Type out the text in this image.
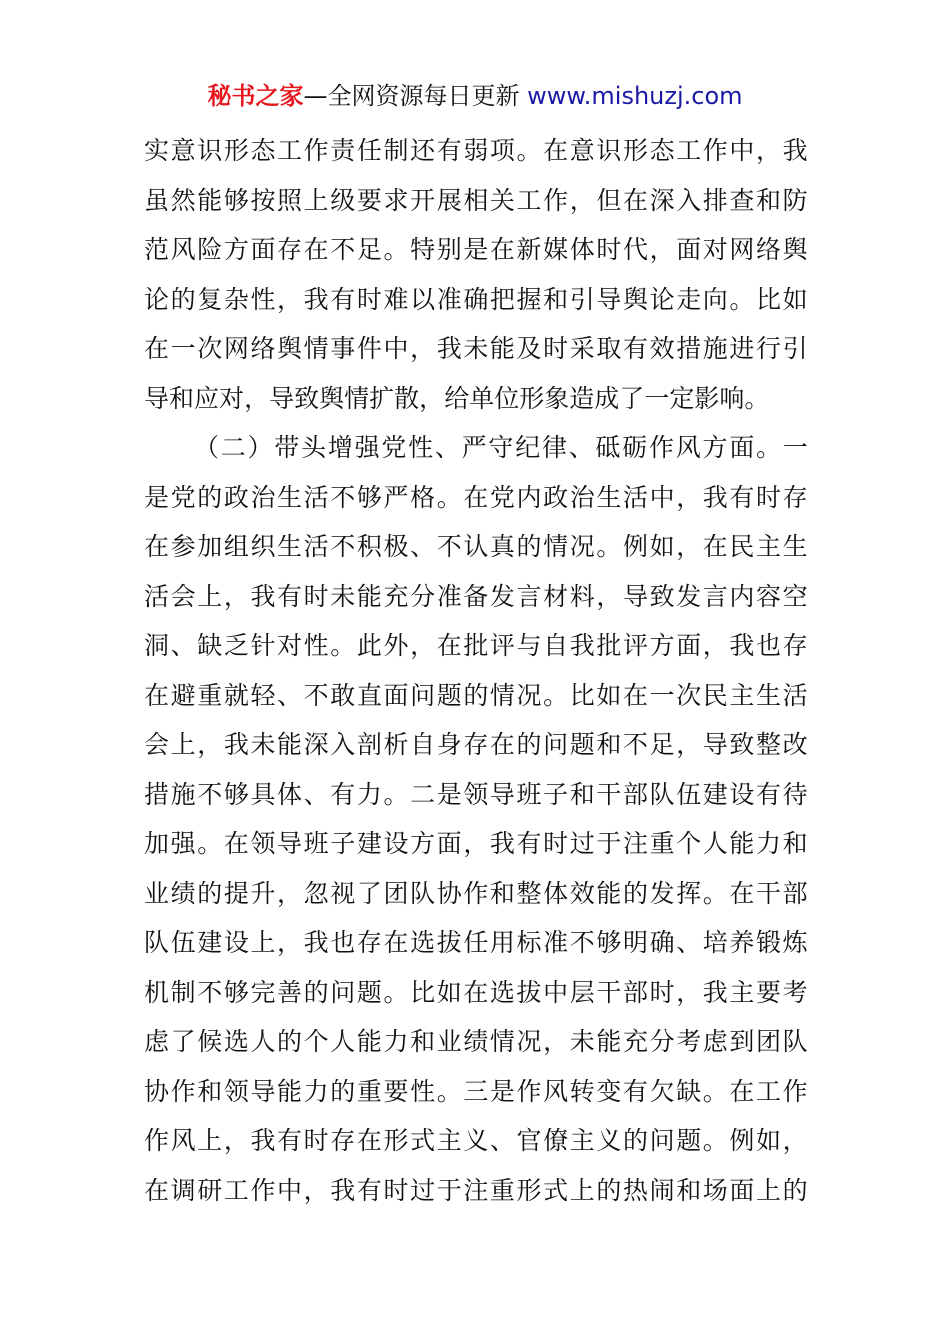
秘书之家—全网资源每日更新 www.mishuzj.com
实 意 识 形 态 工 作 责 任 制 还 有 弱 项 。 在 意 识 形 态 工 作 中 ， 我
虽 然 能 够 按 照 上 级 要 求 开 展 相 关 工 作 ， 但 在 深 入 排 查 和 防
范 风 险 方 面 存 在 不 足 。 特 别 是 在 新 媒 体 时 代 ， 面 对 网 络 舆
论 的 复 杂 性 ， 我 有 时 难 以 准 确 把 握 和 引 导 舆 论 走 向 。 比 如
在 一 次 网 络 舆 情 事 件 中 ， 我 未 能 及 时 采 取 有 效 措 施 进 行 引
导 和 应 对 ， 导 致 舆 情 扩 散 ， 给 单 位 形 象 造 成 了 一 定 影 响 。
（ 二 ） 带 头 增 强 党 性 、 严 守 纪 律 、 砥 砺 作 风 方 面 。 一
是 党 的 政 治 生 活 不 够 严 格 。 在 党 内 政 治 生 活 中 ， 我 有 时 存
在 参 加 组 织 生 活 不 积 极 、 不 认 真 的 情 况 。 例 如 ， 在 民 主 生
活 会 上 ， 我 有 时 未 能 充 分 准 备 发 言 材 料 ， 导 致 发 言 内 容 空
洞 、 缺 乏 针 对 性 。 此 外 ， 在 批 评 与 自 我 批 评 方 面 ， 我 也 存
在 避 重 就 轻 、 不 敢 直 面 问 题 的 情 况 。 比 如 在 一 次 民 主 生 活
会 上 ， 我 未 能 深 入 剖 析 自 身 存 在 的 问 题 和 不 足 ， 导 致 整 改
措 施 不 够 具 体 、 有 力 。 二 是 领 导 班 子 和 干 部 队 伍 建 设 有 待
加 强 。 在 领 导 班 子 建 设 方 面 ， 我 有 时 过 于 注 重 个 人 能 力 和
业 绩 的 提 升 ， 忽 视 了 团 队 协 作 和 整 体 效 能 的 发 挥 。 在 干 部
队 伍 建 设 上 ， 我 也 存 在 选 拔 任 用 标 准 不 够 明 确 、 培 养 锻 炼
机 制 不 够 完 善 的 问 题 。 比 如 在 选 拔 中 层 干 部 时 ， 我 主 要 考
虑 了 候 选 人 的 个 人 能 力 和 业 绩 情 况 ， 未 能 充 分 考 虑 到 团 队
协 作 和 领 导 能 力 的 重 要 性 。 三 是 作 风 转 变 有 欠 缺 。 在 工 作
作 风 上 ， 我 有 时 存 在 形 式 主 义 、 官 僚 主 义 的 问 题 。 例 如 ，
在 调 研 工 作 中 ， 我 有 时 过 于 注 重 形 式 上 的 热 闹 和 场 面 上 的
